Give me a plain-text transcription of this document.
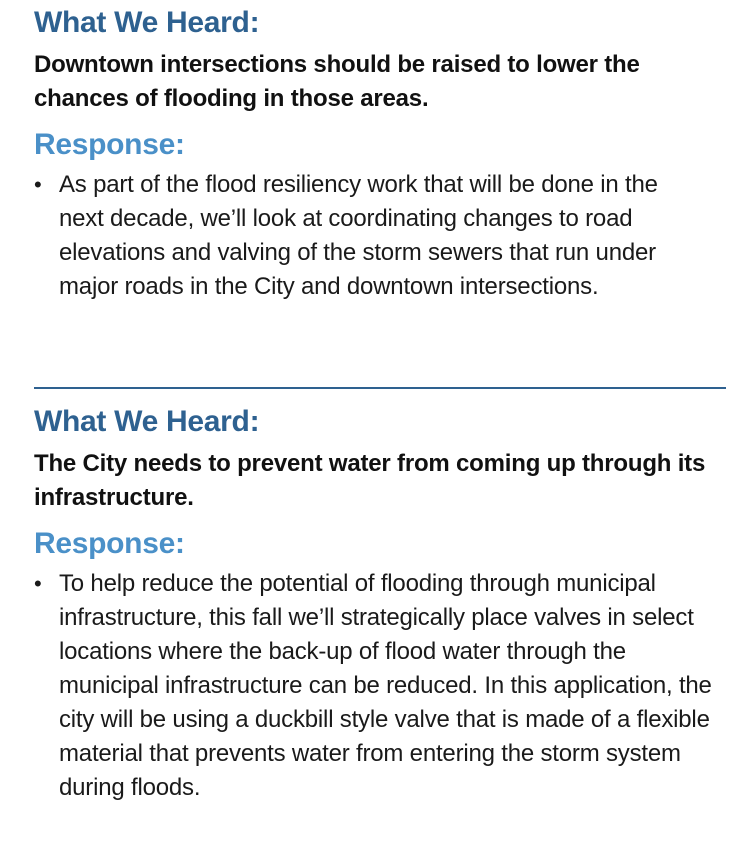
What We Heard:

Downtown intersections should be raised to lower the chances of flooding in those areas.

Response:
• As part of the flood resiliency work that will be done in the next decade, we’ll look at coordinating changes to road elevations and valving of the storm sewers that run under major roads in the City and downtown intersections.
What We Heard:

The City needs to prevent water from coming up through its infrastructure.

Response:
• To help reduce the potential of flooding through municipal infrastructure, this fall we’ll strategically place valves in select locations where the back-up of flood water through the municipal infrastructure can be reduced. In this application, the city will be using a duckbill style valve that is made of a flexible material that prevents water from entering the storm system during floods.
